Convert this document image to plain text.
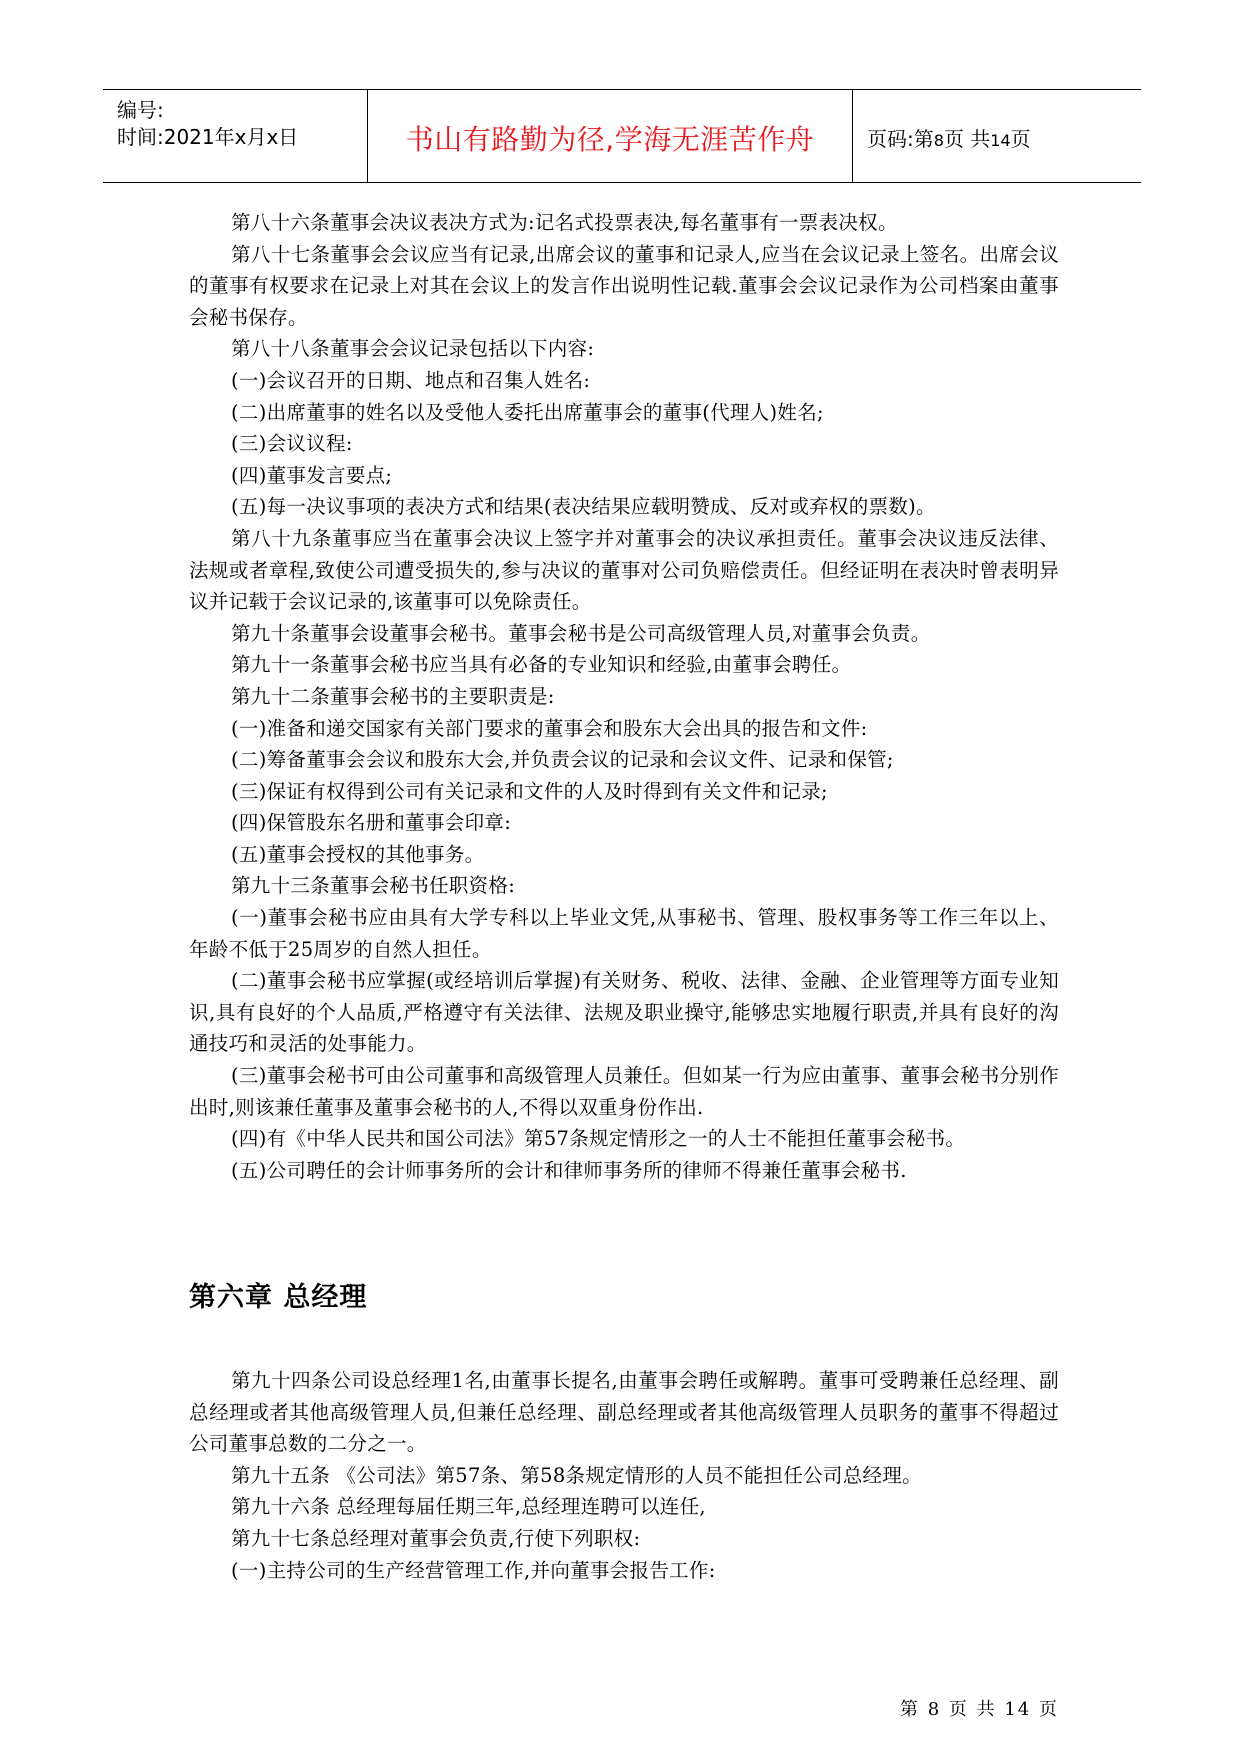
编号:
时间:2021年x月x日	书山有路勤为径,学海无涯苦作舟	页码:第8页 共14页

第八十六条董事会决议表决方式为:记名式投票表决,每名董事有一票表决权。

第八十七条董事会会议应当有记录,出席会议的董事和记录人,应当在会议记录上签名。出席会议的董事有权要求在记录上对其在会议上的发言作出说明性记载.董事会会议记录作为公司档案由董事会秘书保存。

第八十八条董事会会议记录包括以下内容:

(一)会议召开的日期、地点和召集人姓名:

(二)出席董事的姓名以及受他人委托出席董事会的董事(代理人)姓名;

(三)会议议程:

(四)董事发言要点;

(五)每一决议事项的表决方式和结果(表决结果应载明赞成、反对或弃权的票数)。

第八十九条董事应当在董事会决议上签字并对董事会的决议承担责任。董事会决议违反法律、法规或者章程,致使公司遭受损失的,参与决议的董事对公司负赔偿责任。但经证明在表决时曾表明异议并记载于会议记录的,该董事可以免除责任。

第九十条董事会设董事会秘书。董事会秘书是公司高级管理人员,对董事会负责。

第九十一条董事会秘书应当具有必备的专业知识和经验,由董事会聘任。

第九十二条董事会秘书的主要职责是:

(一)准备和递交国家有关部门要求的董事会和股东大会出具的报告和文件:

(二)筹备董事会会议和股东大会,并负责会议的记录和会议文件、记录和保管;

(三)保证有权得到公司有关记录和文件的人及时得到有关文件和记录;

(四)保管股东名册和董事会印章:

(五)董事会授权的其他事务。

第九十三条董事会秘书任职资格:

(一)董事会秘书应由具有大学专科以上毕业文凭,从事秘书、管理、股权事务等工作三年以上、年龄不低于25周岁的自然人担任。

(二)董事会秘书应掌握(或经培训后掌握)有关财务、税收、法律、金融、企业管理等方面专业知识,具有良好的个人品质,严格遵守有关法律、法规及职业操守,能够忠实地履行职责,并具有良好的沟通技巧和灵活的处事能力。

(三)董事会秘书可由公司董事和高级管理人员兼任。但如某一行为应由董事、董事会秘书分别作出时,则该兼任董事及董事会秘书的人,不得以双重身份作出.

(四)有《中华人民共和国公司法》第57条规定情形之一的人士不能担任董事会秘书。

(五)公司聘任的会计师事务所的会计和律师事务所的律师不得兼任董事会秘书.

第六章 总经理

第九十四条公司设总经理1名,由董事长提名,由董事会聘任或解聘。董事可受聘兼任总经理、副总经理或者其他高级管理人员,但兼任总经理、副总经理或者其他高级管理人员职务的董事不得超过公司董事总数的二分之一。

第九十五条 《公司法》第57条、第58条规定情形的人员不能担任公司总经理。

第九十六条 总经理每届任期三年,总经理连聘可以连任,

第九十七条总经理对董事会负责,行使下列职权:

(一)主持公司的生产经营管理工作,并向董事会报告工作:

第 8 页 共 14 页
